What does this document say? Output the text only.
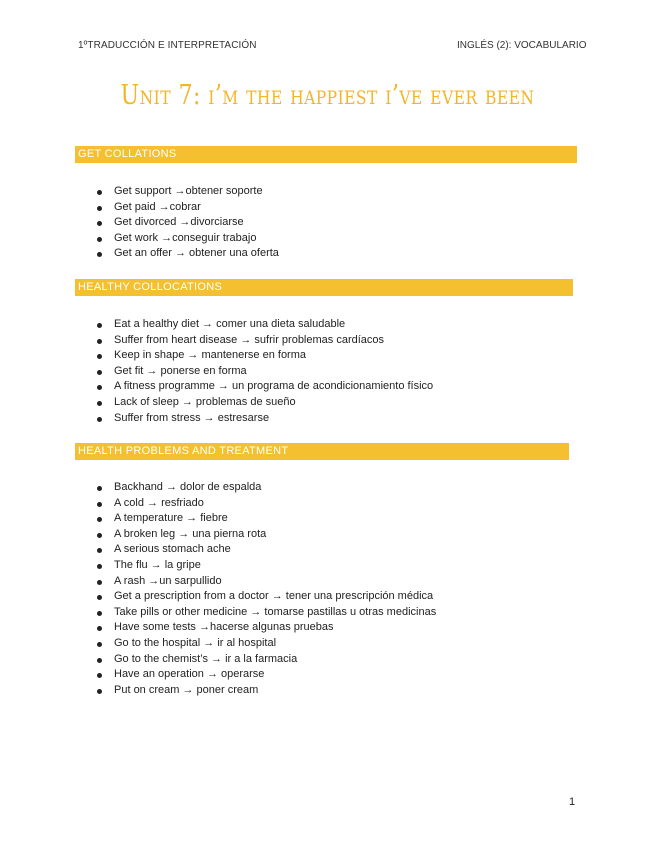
1ºTRADUCCIÓN E INTERPRETACIÓN	INGLÉS (2): VOCABULARIO
Unit 7: i’m the happiest i’ve ever been
GET COLLATIONS
Get support →obtener soporte
Get paid →cobrar
Get divorced →divorciarse
Get work →conseguir trabajo
Get an offer → obtener una oferta
HEALTHY COLLOCATIONS
Eat a healthy diet → comer una dieta saludable
Suffer from heart disease → sufrir problemas cardíacos
Keep in shape → mantenerse en forma
Get fit → ponerse en forma
A fitness programme → un programa de acondicionamiento físico
Lack of sleep → problemas de sueño
Suffer from stress → estresarse
HEALTH PROBLEMS AND TREATMENT
Backhand → dolor de espalda
A cold → resfriado
A temperature → fiebre
A broken leg → una pierna rota
A serious stomach ache
The flu → la gripe
A rash →un sarpullido
Get a prescription from a doctor → tener una prescripción médica
Take pills or other medicine → tomarse pastillas u otras medicinas
Have some tests →hacerse algunas pruebas
Go to the hospital → ir al hospital
Go to the chemist’s → ir a la farmacia
Have an operation → operarse
Put on cream → poner cream
1
